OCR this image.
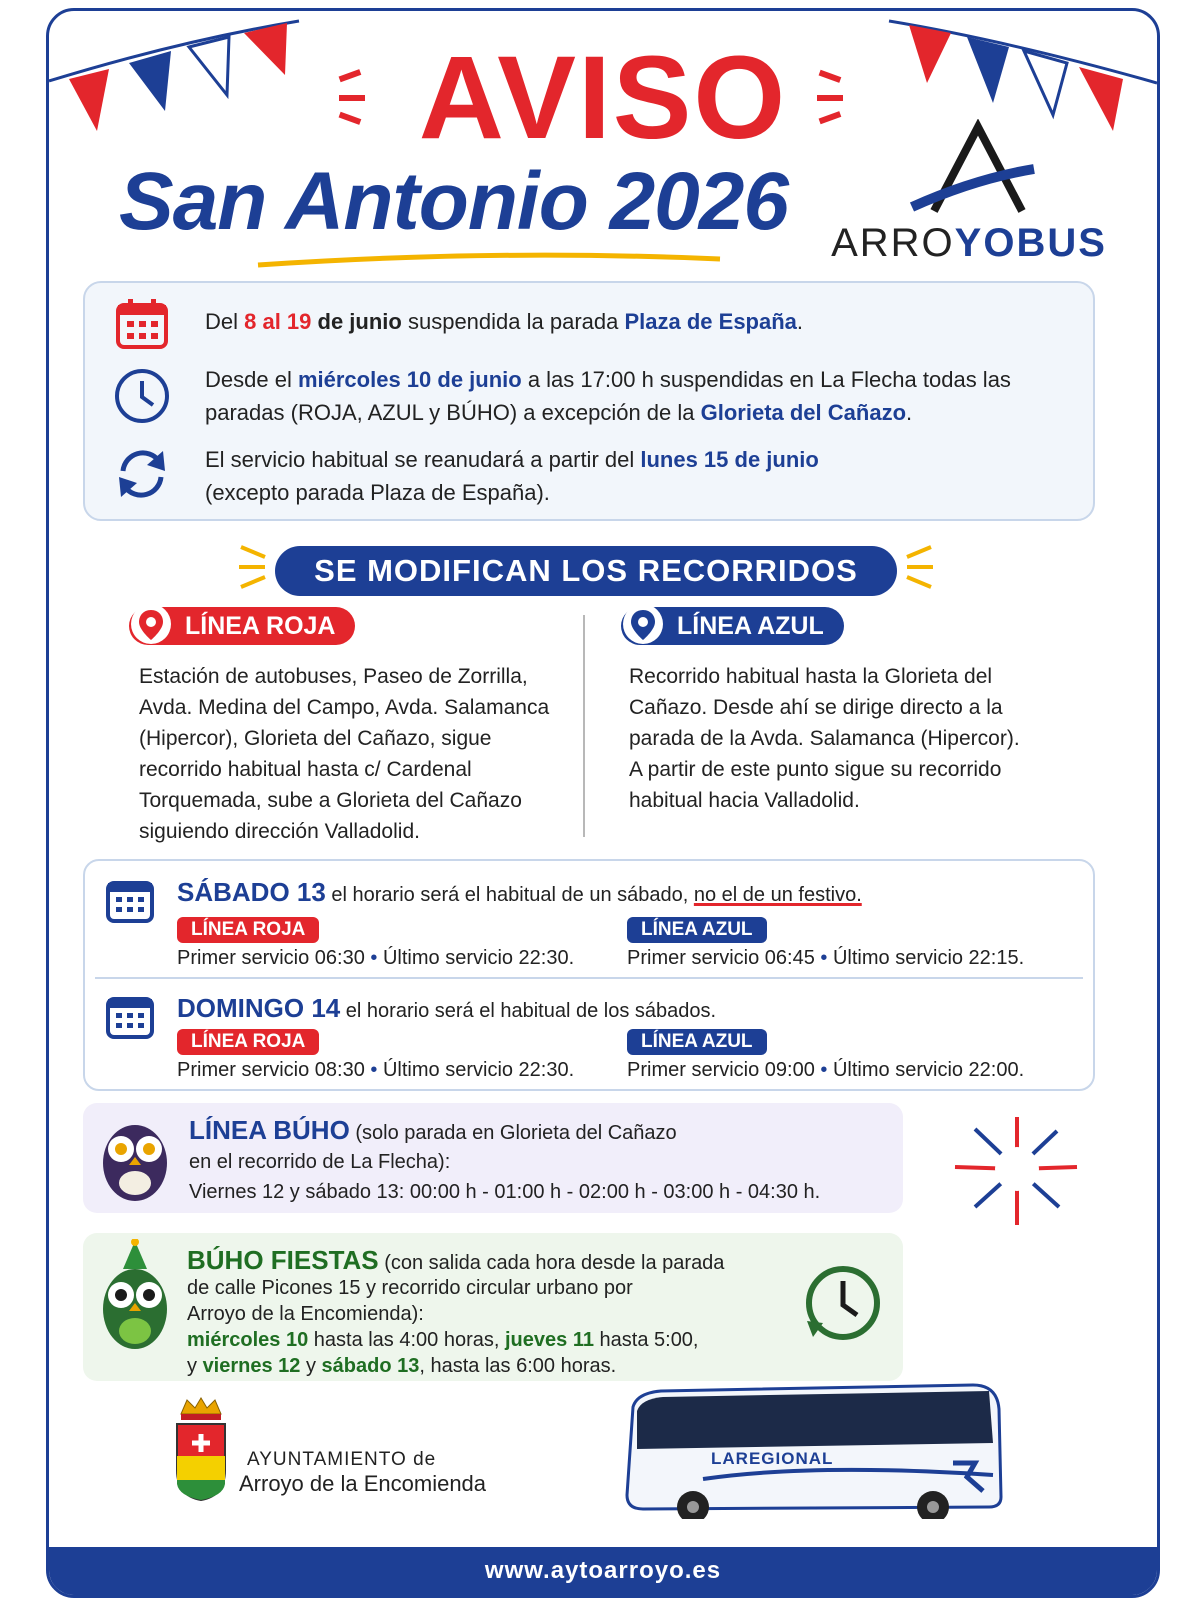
AVISO
San Antonio 2026 ARROYOBUS
Del 8 al 19 de junio suspendida la parada Plaza de España.
Desde el miércoles 10 de junio a las 17:00 h suspendidas en La Flecha todas las paradas (ROJA, AZUL y BÚHO) a excepción de la Glorieta del Cañazo.
El servicio habitual se reanudará a partir del lunes 15 de junio
(excepto parada Plaza de España).
SE MODIFICAN LOS RECORRIDOS
LÍNEA ROJA
Estación de autobuses, Paseo de Zorrilla,
Avda. Medina del Campo, Avda. Salamanca
(Hipercor), Glorieta del Cañazo, sigue
recorrido habitual hasta c/ Cardenal
Torquemada, sube a Glorieta del Cañazo
siguiendo dirección Valladolid.
LÍNEA AZUL
Recorrido habitual hasta la Glorieta del
Cañazo. Desde ahí se dirige directo a la
parada de la Avda. Salamanca (Hipercor).
A partir de este punto sigue su recorrido
habitual hacia Valladolid.
SÁBADO 13 el horario será el habitual de un sábado, no el de un festivo.
LÍNEA ROJA	LÍNEA AZUL
Primer servicio 06:30 • Último servicio 22:30.	Primer servicio 06:45 • Último servicio 22:15.
DOMINGO 14 el horario será el habitual de los sábados.
LÍNEA ROJA	LÍNEA AZUL
Primer servicio 08:30 • Último servicio 22:30.	Primer servicio 09:00 • Último servicio 22:00.
LÍNEA BÚHO (solo parada en Glorieta del Cañazo
en el recorrido de La Flecha):
Viernes 12 y sábado 13: 00:00 h - 01:00 h - 02:00 h - 03:00 h - 04:30 h.
BÚHO FIESTAS (con salida cada hora desde la parada
de calle Picones 15 y recorrido circular urbano por
Arroyo de la Encomienda):
miércoles 10 hasta las 4:00 horas, jueves 11 hasta 5:00,
y viernes 12 y sábado 13, hasta las 6:00 horas.
AYUNTAMIENTO de
Arroyo de la Encomienda
LAREGIONAL
www.aytoarroyo.es
